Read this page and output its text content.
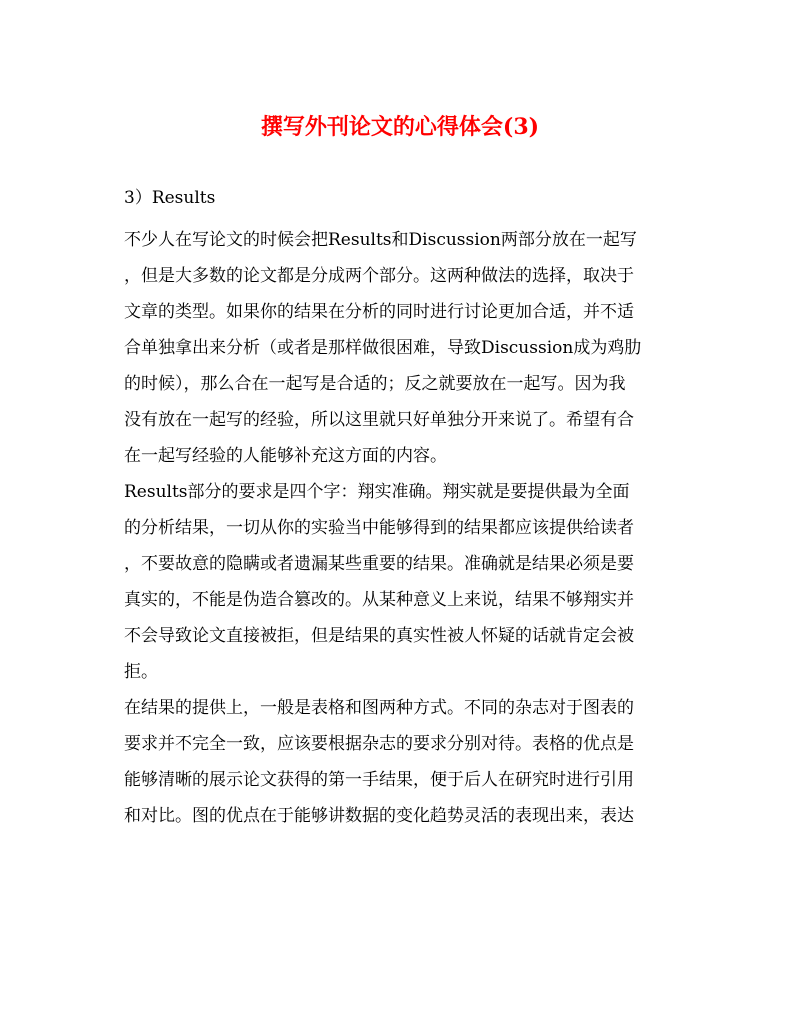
撰写外刊论文的心得体会(3)

3）Results

不少人在写论文的时候会把Results和Discussion两部分放在一起写

，但是大多数的论文都是分成两个部分。这两种做法的选择，取决于

文章的类型。如果你的结果在分析的同时进行讨论更加合适，并不适

合单独拿出来分析（或者是那样做很困难，导致Discussion成为鸡肋

的时候），那么合在一起写是合适的；反之就要放在一起写。因为我

没有放在一起写的经验，所以这里就只好单独分开来说了。希望有合

在一起写经验的人能够补充这方面的内容。

Results部分的要求是四个字：翔实准确。翔实就是要提供最为全面

的分析结果，一切从你的实验当中能够得到的结果都应该提供给读者

，不要故意的隐瞒或者遗漏某些重要的结果。准确就是结果必须是要

真实的，不能是伪造合篡改的。从某种意义上来说，结果不够翔实并

不会导致论文直接被拒，但是结果的真实性被人怀疑的话就肯定会被

拒。

在结果的提供上，一般是表格和图两种方式。不同的杂志对于图表的

要求并不完全一致，应该要根据杂志的要求分别对待。表格的优点是

能够清晰的展示论文获得的第一手结果，便于后人在研究时进行引用

和对比。图的优点在于能够讲数据的变化趋势灵活的表现出来，表达
